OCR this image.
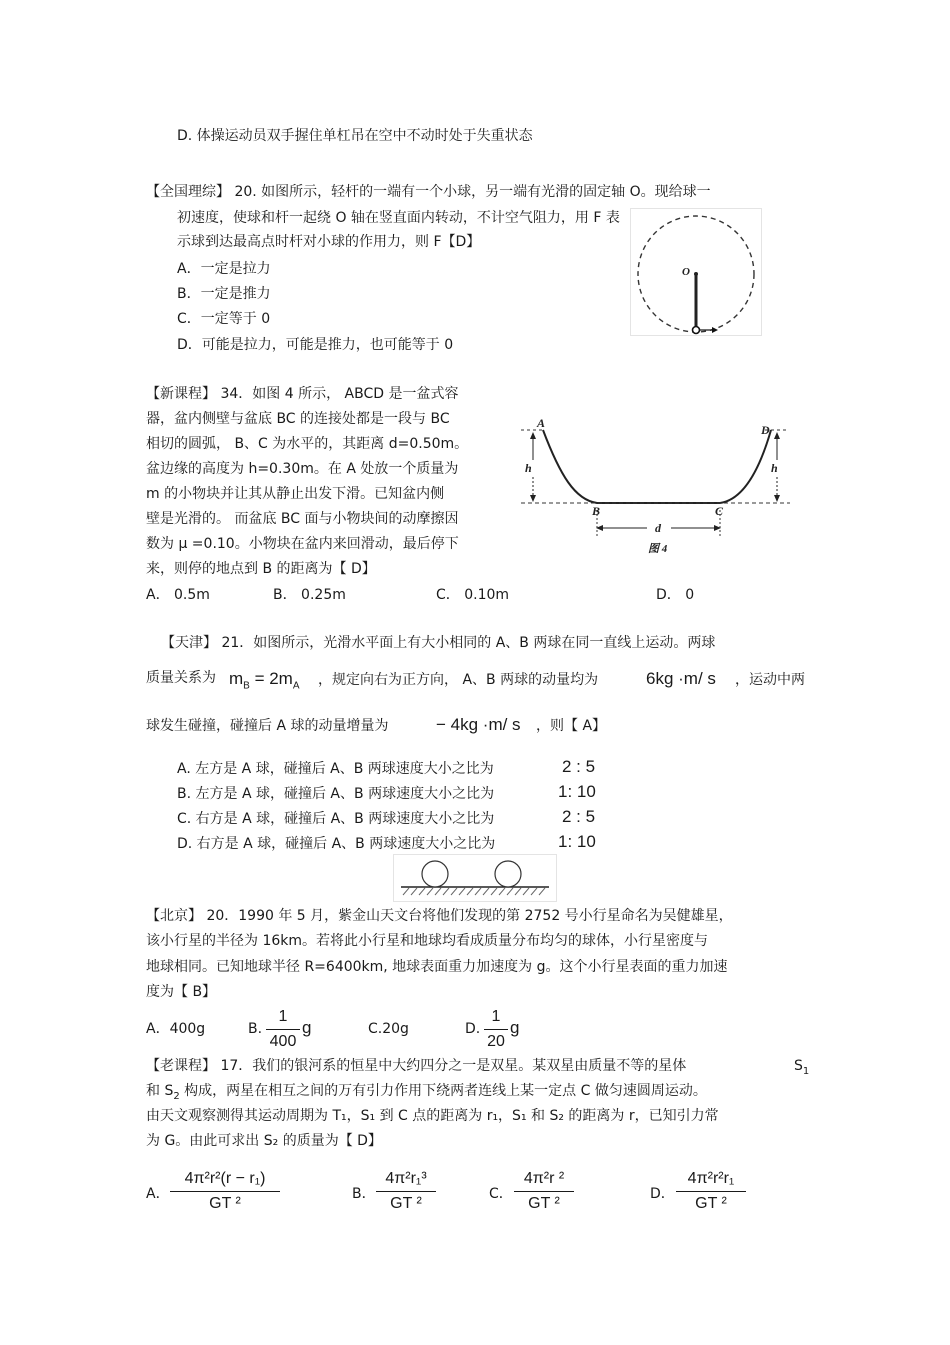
D. 体操运动员双手握住单杠吊在空中不动时处于失重状态
【全国理综】 20. 如图所示，轻杆的一端有一个小球，另一端有光滑的固定轴 O。现给球一
初速度，使球和杆一起绕 O 轴在竖直面内转动，不计空气阻力，用 F 表
示球到达最高点时杆对小球的作用力，则 F【D】
A．一定是拉力
B．一定是推力
C．一定等于 0
D．可能是拉力，可能是推力，也可能等于 0
O
【新课程】 34．如图 4 所示， ABCD 是一盆式容
器，盆内侧壁与盆底 BC 的连接处都是一段与 BC
相切的圆弧， B、C 为水平的，其距离 d=0.50m。
盆边缘的高度为 h=0.30m。在 A 处放一个质量为
m 的小物块并让其从静止出发下滑。已知盆内侧
壁是光滑的。 而盆底 BC 面与小物块间的动摩擦因
数为 μ =0.10。小物块在盆内来回滑动，最后停下
来，则停的地点到 B 的距离为【 D】
A． 0.5m	B． 0.25m	C． 0.10m	D． 0
A	D
B	C
h	h
d
图 4
【天津】 21．如图所示，光滑水平面上有大小相同的 A、B 两球在同一直线上运动。两球
质量关系为 $m_B = 2m_A$ ，规定向右为正方向， A、B 两球的动量均为	6kg ·m/ s ，运动中两
球发生碰撞，碰撞后 A 球的动量增量为	− 4kg ·m/ s ，则【 A】
A. 左方是 A 球，碰撞后 A、B 两球速度大小之比为	2 : 5
B. 左方是 A 球，碰撞后 A、B 两球速度大小之比为	1: 10
C. 右方是 A 球，碰撞后 A、B 两球速度大小之比为	2 : 5
D. 右方是 A 球，碰撞后 A、B 两球速度大小之比为	1: 10
【北京】 20．1990 年 5 月，紫金山天文台将他们发现的第 2752 号小行星命名为吴健雄星，
该小行星的半径为 16km。若将此小行星和地球均看成质量分布均匀的球体，小行星密度与
地球相同。已知地球半径 R=6400km, 地球表面重力加速度为 g。这个小行星表面的重力加速
度为【 B】
A．400g	B.
1
400
g	C.20g	D.
1
20
g
【老课程】 17．我们的银河系的恒星中大约四分之一是双星。某双星由质量不等的星体	$S_1$
和 $S_2$ 构成，两星在相互之间的万有引力作用下绕两者连线上某一定点 C 做匀速圆周运动。
由天文观察测得其运动周期为 T₁，S₁ 到 C 点的距离为 r₁，S₁ 和 S₂ 的距离为 r，已知引力常
为 G。由此可求出 S₂ 的质量为【 D】
A．
4π²r²(r − r₁)
GT ²
B．
4π²r₁³
GT ²
C．
4π²r ²
GT ²
D．
4π²r²r₁
GT ²
